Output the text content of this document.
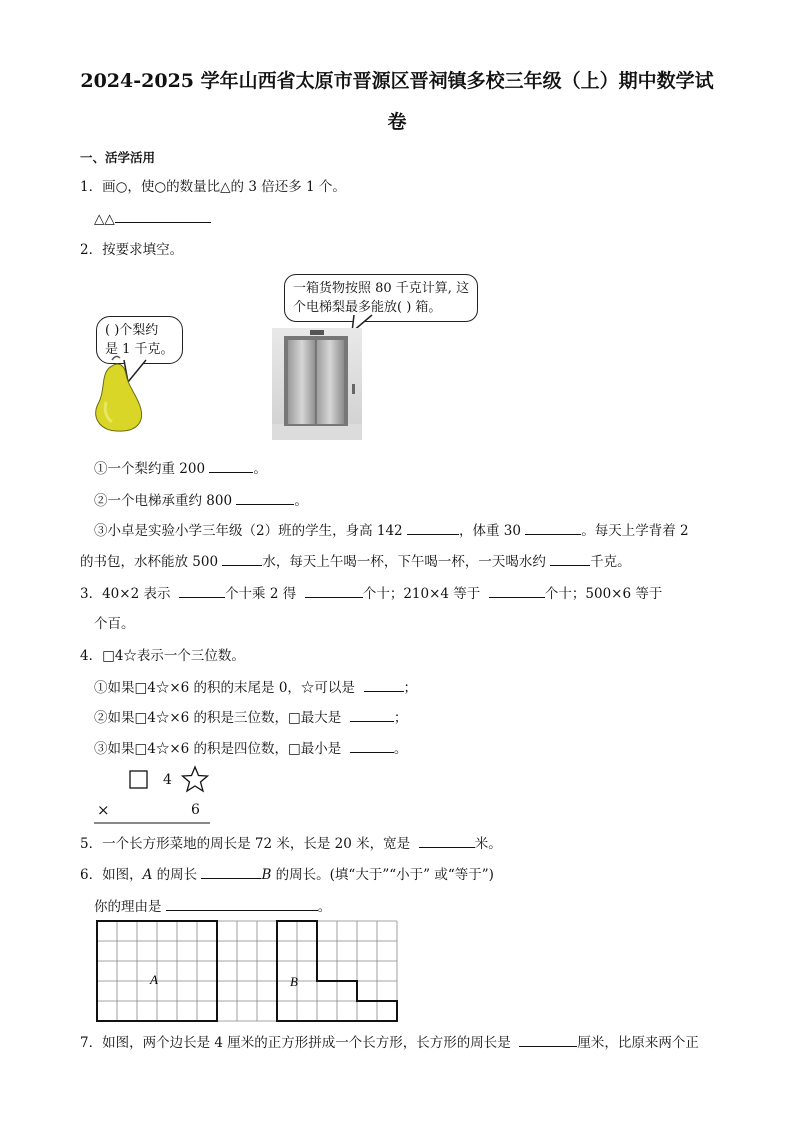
2024-2025 学年山西省太原市晋源区晋祠镇多校三年级（上）期中数学试
卷
一、活学活用
1．画○，使○的数量比△的 3 倍还多 1 个。
△△
2．按要求填空。
一箱货物按照 80 千克计算, 这
个电梯梨最多能放( ) 箱。
( )个梨约
是 1 千克。
①一个梨约重 200	。
②一个电梯承重约 800	。
③小卓是实验小学三年级（2）班的学生，身高 142	，体重 30	。每天上学背着 2
的书包，水杯能放 500	水，每天上午喝一杯，下午喝一杯，一天喝水约	千克。
3．40×2 表示	个十乘 2 得	个十；210×4 等于	个十；500×6 等于
个百。
4．□4☆表示一个三位数。
①如果□4☆×6 的积的末尾是 0，☆可以是	；
②如果□4☆×6 的积是三位数，□最大是	；
③如果□4☆×6 的积是四位数，□最小是	。
4
×	6
5．一个长方形菜地的周长是 72 米，长是 20 米，宽是	米。
6．如图，A 的周长	B 的周长。(填“大于”“小于” 或“等于”)
你的理由是	。
A	B
7．如图，两个边长是 4 厘米的正方形拼成一个长方形，长方形的周长是	厘米，比原来两个正
